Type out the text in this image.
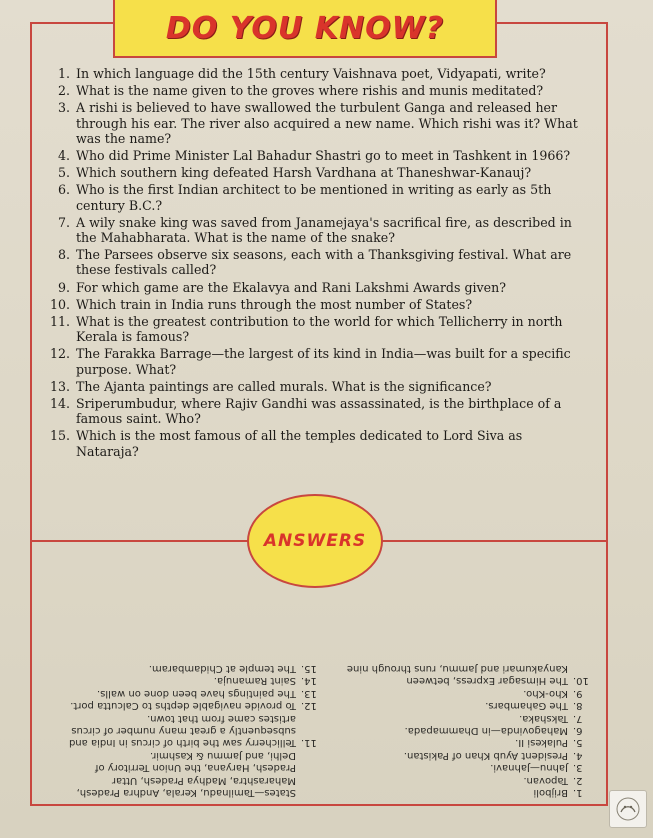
DO YOU KNOW?
1. In which language did the 15th century Vaishnava poet, Vidyapati, write?
2. What is the name given to the groves where rishis and munis meditated?
3. A rishi is believed to have swallowed the turbulent Ganga and released her through his ear. The river also acquired a new name. Which rishi was it? What was the name?
4. Who did Prime Minister Lal Bahadur Shastri go to meet in Tashkent in 1966?
5. Which southern king defeated Harsh Vardhana at Thaneshwar-Kanauj?
6. Who is the first Indian architect to be mentioned in writing as early as 5th century B.C.?
7. A wily snake king was saved from Janamejaya's sacrifical fire, as described in the Mahabharata. What is the name of the snake?
8. The Parsees observe six seasons, each with a Thanksgiving festival. What are these festivals called?
9. For which game are the Ekalavya and Rani Lakshmi Awards given?
10. Which train in India runs through the most number of States?
11. What is the greatest contribution to the world for which Tellicherry in north Kerala is famous?
12. The Farakka Barrage—the largest of its kind in India—was built for a specific purpose. What?
13. The Ajanta paintings are called murals. What is the significance?
14. Sriperumbudur, where Rajiv Gandhi was assassinated, is the birthplace of a famous saint. Who?
15. Which is the most famous of all the temples dedicated to Lord Siva as Nataraja?
ANSWERS
1.
Brijboli
2.
Tapovan.
3.
Jahnu—Jahnavi.
4.
President Ayub Khan of Pakistan.
5.
Pulakesi II.
6.
Mahagovinda—in Dhammapada.
7.
Takshaka.
8.
The Gahambars.
9.
Kho-Kho.
10.
The Himsagar Express, between Kanyakumari and Jammu, runs through nine
States—Tamilnadu, Kerala, Andhra Pradesh, Maharashtra, Madhya Pradesh, Uttar Pradesh, Haryana, the Union Territory of Delhi, and Jammu & Kashmir.
11.
Tellicherry saw the birth of circus in India and subsequently a great many number of circus artistes came from that town.
12.
To provide navigable depths to Calcutta port.
13.
The paintings have been done on walls.
14.
Saint Ramanuja.
15.
The temple at Chidambaram.
